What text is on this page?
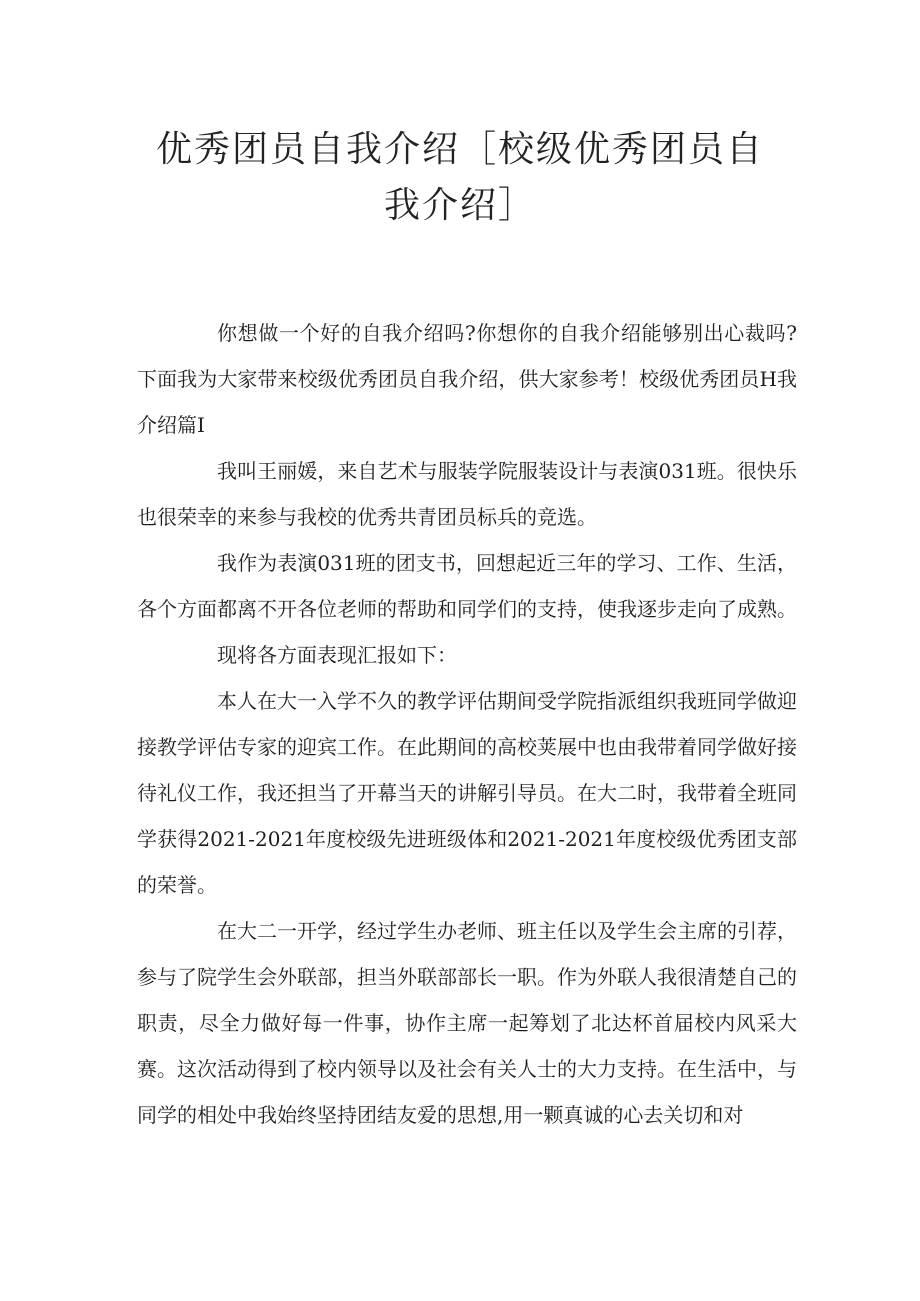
优秀团员自我介绍［校级优秀团员自我介绍］

你想做一个好的自我介绍吗?你想你的自我介绍能够别出心裁吗?下面我为大家带来校级优秀团员自我介绍，供大家参考！校级优秀团员H我介绍篇I

我叫王丽媛，来自艺术与服装学院服装设计与表演031班。很快乐也很荣幸的来参与我校的优秀共青团员标兵的竞选。

我作为表演031班的团支书，回想起近三年的学习、工作、生活，各个方面都离不开各位老师的帮助和同学们的支持，使我逐步走向了成熟。

现将各方面表现汇报如下：

本人在大一入学不久的教学评估期间受学院指派组织我班同学做迎接教学评估专家的迎宾工作。在此期间的高校荚展中也由我带着同学做好接待礼仪工作，我还担当了开幕当天的讲解引导员。在大二时，我带着全班同学获得2021-2021年度校级先进班级体和2021-2021年度校级优秀团支部的荣誉。

在大二一开学，经过学生办老师、班主任以及学生会主席的引荐，参与了院学生会外联部，担当外联部部长一职。作为外联人我很清楚自己的职责，尽全力做好每一件事，协作主席一起筹划了北达杯首届校内风采大赛。这次活动得到了校内领导以及社会有关人士的大力支持。在生活中，与同学的相处中我始终坚持团结友爱的思想,用一颗真诚的心去关切和对
